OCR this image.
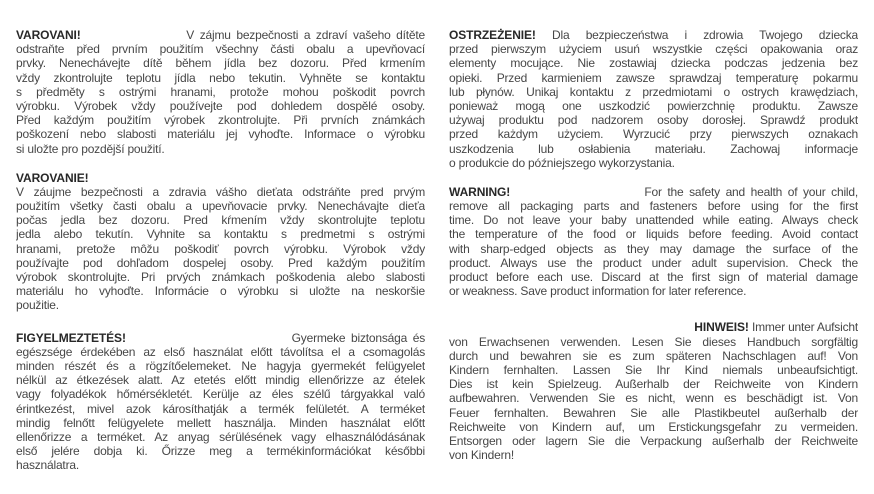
VAROVANI!	V zájmu bezpečnosti a zdraví vašeho dítěte
odstraňte před prvním použitím všechny části obalu a upevňovací
prvky. Nenechávejte dítě během jídla bez dozoru. Před krmením
vždy zkontrolujte teplotu jídla nebo tekutin. Vyhněte se kontaktu
s předměty s ostrými hranami, protože mohou poškodit povrch
výrobku. Výrobek vždy používejte pod dohledem dospělé osoby.
Před každým použitím výrobek zkontrolujte. Při prvních známkách
poškození nebo slabosti materiálu jej vyhoďte. Informace o výrobku
si uložte pro pozdější použití.
VAROVANIE!
V záujme bezpečnosti a zdravia vášho dieťata odstráňte pred prvým
použitím všetky časti obalu a upevňovacie prvky. Nenechávajte dieťa
počas jedla bez dozoru. Pred kŕmením vždy skontrolujte teplotu
jedla alebo tekutín. Vyhnite sa kontaktu s predmetmi s ostrými
hranami, pretože môžu poškodiť povrch výrobku. Výrobok vždy
používajte pod dohľadom dospelej osoby. Pred každým použitím
výrobok skontrolujte. Pri prvých známkach poškodenia alebo slabosti
materiálu ho vyhoďte. Informácie o výrobku si uložte na neskoršie
použitie.
FIGYELMEZTETÉS!	Gyermeke biztonsága és
egészsége érdekében az első használat előtt távolítsa el a csomagolás
minden részét és a rögzítőelemeket. Ne hagyja gyermekét felügyelet
nélkül az étkezések alatt. Az etetés előtt mindig ellenőrizze az ételek
vagy folyadékok hőmérsékletét. Kerülje az éles szélű tárgyakkal való
érintkezést, mivel azok károsíthatják a termék felületét. A terméket
mindig felnőtt felügyelete mellett használja. Minden használat előtt
ellenőrizze a terméket. Az anyag sérülésének vagy elhasználódásának
első jelére dobja ki. Őrizze meg a termékinformációkat későbbi
használatra.
OSTRZEŻENIE! Dla bezpieczeństwa i zdrowia Twojego dziecka
przed pierwszym użyciem usuń wszystkie części opakowania oraz
elementy mocujące. Nie zostawiaj dziecka podczas jedzenia bez
opieki. Przed karmieniem zawsze sprawdzaj temperaturę pokarmu
lub płynów. Unikaj kontaktu z przedmiotami o ostrych krawędziach,
ponieważ mogą one uszkodzić powierzchnię produktu. Zawsze
używaj produktu pod nadzorem osoby dorosłej. Sprawdź produkt
przed każdym użyciem. Wyrzucić przy pierwszych oznakach
uszkodzenia lub osłabienia materiału. Zachowaj informacje
o produkcie do późniejszego wykorzystania.
WARNING!	For the safety and health of your child,
remove all packaging parts and fasteners before using for the first
time. Do not leave your baby unattended while eating. Always check
the temperature of the food or liquids before feeding. Avoid contact
with sharp-edged objects as they may damage the surface of the
product. Always use the product under adult supervision. Check the
product before each use. Discard at the first sign of material damage
or weakness. Save product information for later reference.
HINWEIS! Immer unter Aufsicht
von Erwachsenen verwenden. Lesen Sie dieses Handbuch sorgfältig
durch und bewahren sie es zum späteren Nachschlagen auf! Von
Kindern fernhalten. Lassen Sie Ihr Kind niemals unbeaufsichtigt.
Dies ist kein Spielzeug. Außerhalb der Reichweite von Kindern
aufbewahren. Verwenden Sie es nicht, wenn es beschädigt ist. Von
Feuer fernhalten. Bewahren Sie alle Plastikbeutel außerhalb der
Reichweite von Kindern auf, um Erstickungsgefahr zu vermeiden.
Entsorgen oder lagern Sie die Verpackung außerhalb der Reichweite
von Kindern!
